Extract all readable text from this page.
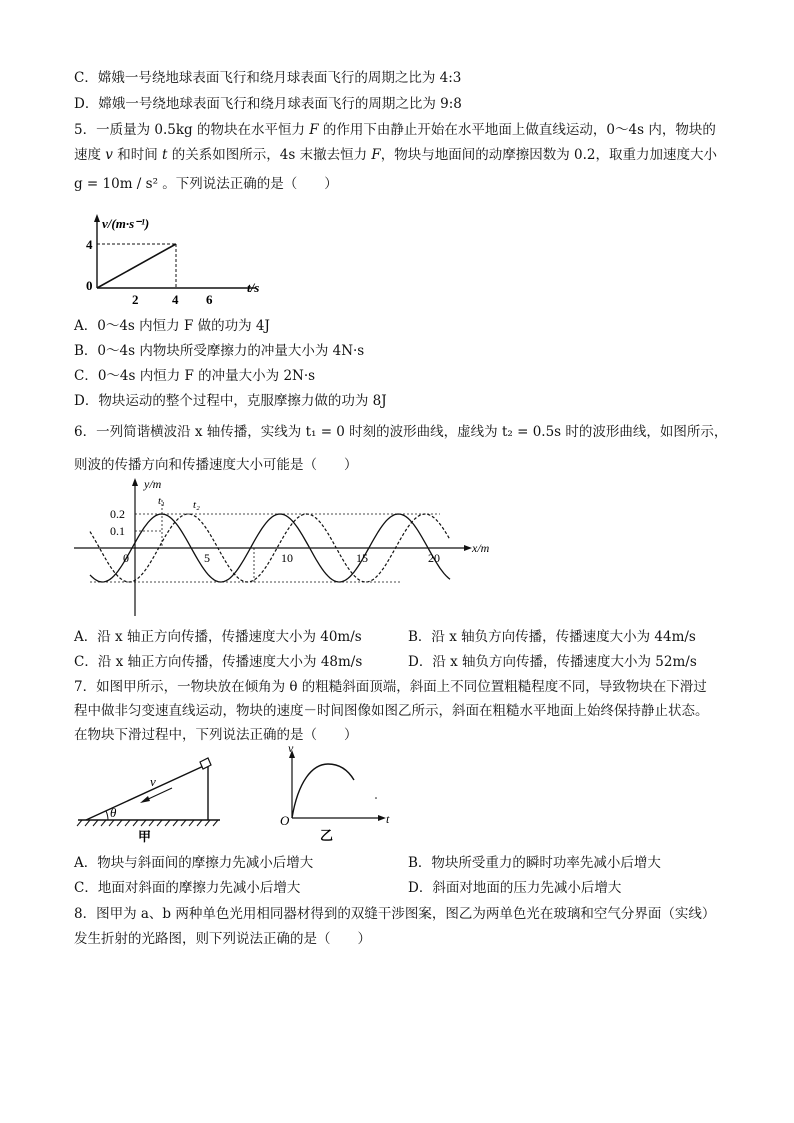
C．嫦娥一号绕地球表面飞行和绕月球表面飞行的周期之比为 4:3
D．嫦娥一号绕地球表面飞行和绕月球表面飞行的周期之比为 9:8
5．一质量为 0.5kg 的物块在水平恒力 F 的作用下由静止开始在水平地面上做直线运动，0～4s 内，物块的
速度 v 和时间 t 的关系如图所示，4s 末撤去恒力 F，物块与地面间的动摩擦因数为 0.2，取重力加速度大小
g = 10m / s² 。下列说法正确的是（　　）
v/(m·s⁻¹)
4
0
2	4 6
t/s
A．0～4s 内恒力 F 做的功为 4J
B．0～4s 内物块所受摩擦力的冲量大小为 4N·s
C．0～4s 内恒力 F 的冲量大小为 2N·s
D．物块运动的整个过程中，克服摩擦力做的功为 8J
6．一列简谐横波沿 x 轴传播，实线为 t₁ = 0 时刻的波形曲线，虚线为 t₂ = 0.5s 时的波形曲线，如图所示，
则波的传播方向和传播速度大小可能是（　　）
y/m
0.2
0.1
0	5	10	15	20
x/m
t₁	t₂
A．沿 x 轴正方向传播，传播速度大小为 40m/s	B．沿 x 轴负方向传播，传播速度大小为 44m/s
C．沿 x 轴正方向传播，传播速度大小为 48m/s	D．沿 x 轴负方向传播，传播速度大小为 52m/s
7．如图甲所示，一物块放在倾角为 θ 的粗糙斜面顶端，斜面上不同位置粗糙程度不同，导致物块在下滑过
程中做非匀变速直线运动，物块的速度－时间图像如图乙所示，斜面在粗糙水平地面上始终保持静止状态。
在物块下滑过程中，下列说法正确的是（　　）
v
θ
甲
v
O	t
乙
A．物块与斜面间的摩擦力先减小后增大	B．物块所受重力的瞬时功率先减小后增大
C．地面对斜面的摩擦力先减小后增大	D．斜面对地面的压力先减小后增大
8．图甲为 a、b 两种单色光用相同器材得到的双缝干涉图案，图乙为两单色光在玻璃和空气分界面（实线）
发生折射的光路图，则下列说法正确的是（　　）
